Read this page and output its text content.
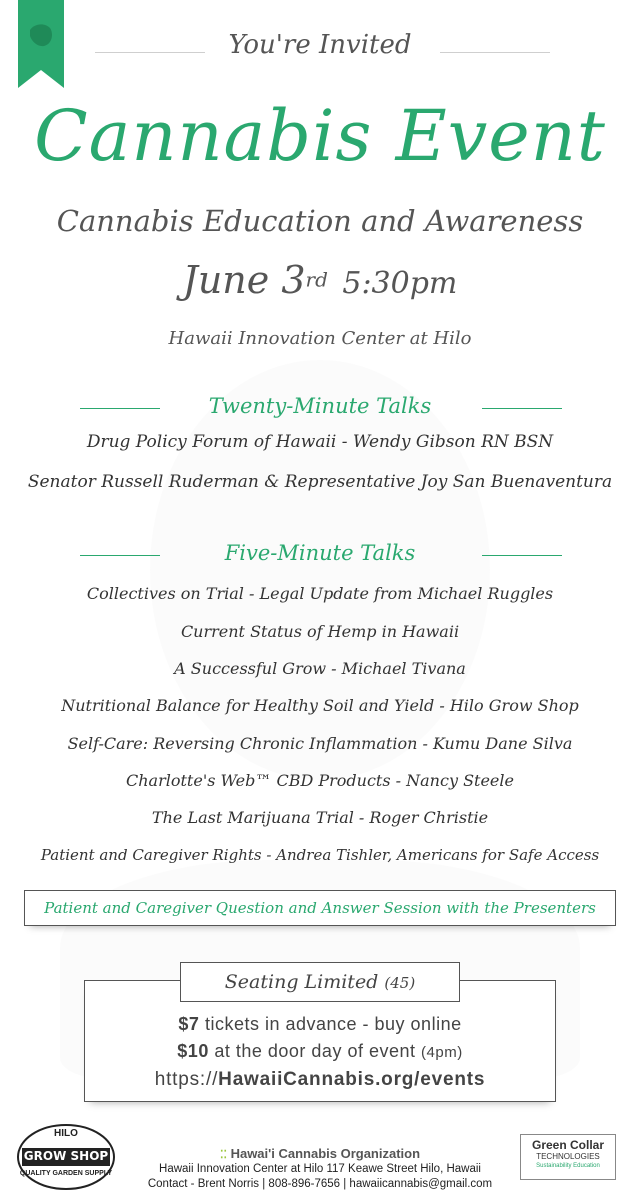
You're Invited
Cannabis Event
Cannabis Education and Awareness
June 3rd 5:30pm
Hawaii Innovation Center at Hilo
Twenty-Minute Talks
Drug Policy Forum of Hawaii - Wendy Gibson RN BSN
Senator Russell Ruderman & Representative Joy San Buenaventura
Five-Minute Talks
Collectives on Trial - Legal Update from Michael Ruggles
Current Status of Hemp in Hawaii
A Successful Grow - Michael Tivana
Nutritional Balance for Healthy Soil and Yield - Hilo Grow Shop
Self-Care: Reversing Chronic Inflammation - Kumu Dane Silva
Charlotte's Web™ CBD Products - Nancy Steele
The Last Marijuana Trial - Roger Christie
Patient and Caregiver Rights - Andrea Tishler, Americans for Safe Access
Patient and Caregiver Question and Answer Session with the Presenters
Seating Limited (45)
$7 tickets in advance - buy online
$10 at the door day of event (4pm)
https://HawaiiCannabis.org/events
HILO
GROW SHOP
QUALITY GARDEN SUPPLY
⁚⁚ Hawai'i Cannabis Organization
Hawaii Innovation Center at Hilo 117 Keawe Street Hilo, Hawaii
Contact - Brent Norris | 808-896-7656 | hawaiicannabis@gmail.com
Green Collar
TECHNOLOGIES
Sustainability Education
